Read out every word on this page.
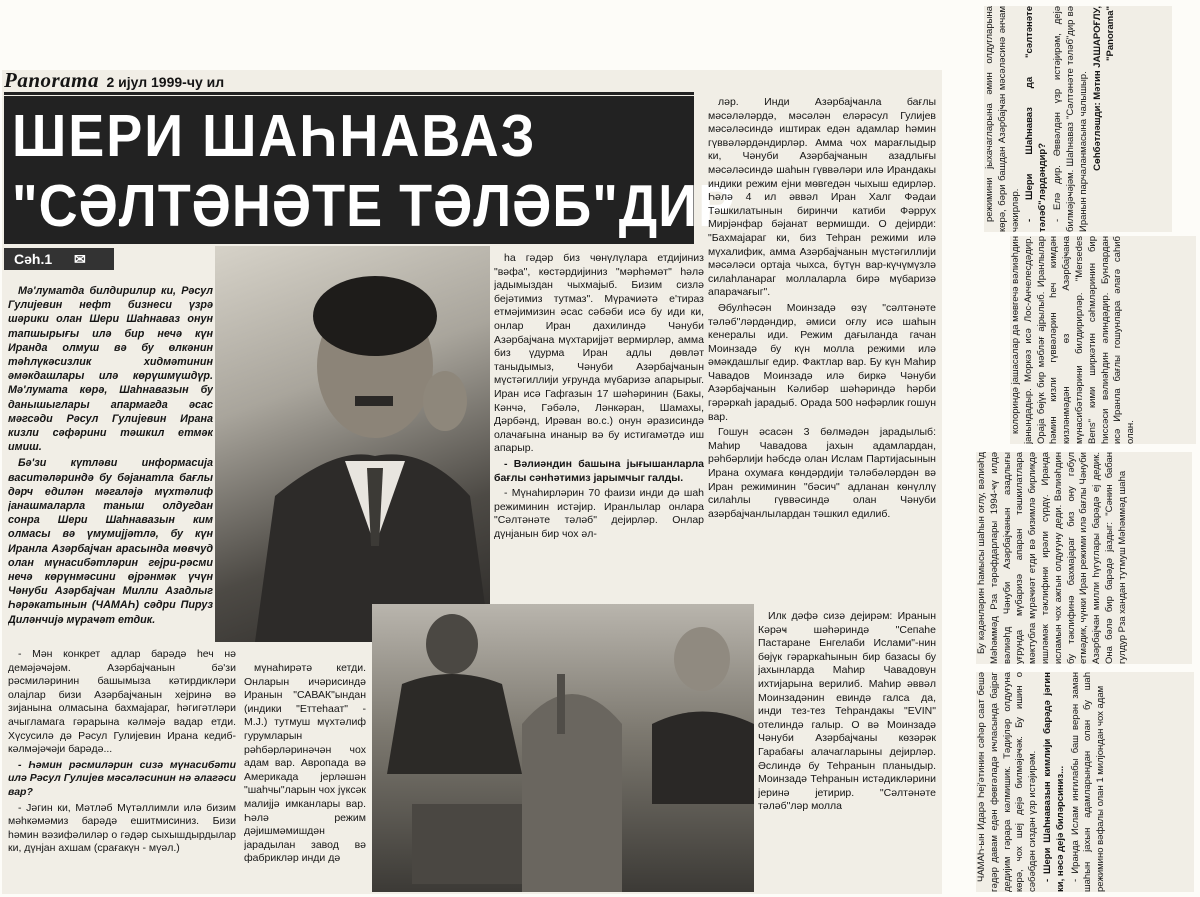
Panorama 2 ијул 1999-чу ил
ШЕРИ ШАҺНАВАЗ
"СӘЛТӘНӘТЕ ТӘЛӘБ"ДИР
Сәһ.1 ✉

Мә'луматда билдирилир ки, Рәсул Гулијевин нефт бизнеси үзрә шәрики олан Шери Шаһнаваз онун тапшырығы илә бир нечә күн Иранда олмуш вә бу өлкәнин тәһлүкәсизлик хидмәтинин әмәкдашлары илә көрүшмүшдүр. Мә'лумата көрә, Шаһнавазын бу данышыглары апармагда әсас мәгсәди Рәсул Гулијевин Ирана кизли сәфәрини тәшкил етмәк имиш.

Бә'зи күтләви информасија васитәләриндә бу бәјанатла бағлы дәрч едилән мәгаләјә мүхтәлиф јанашмаларла таныш олдугдан сонра Шери Шаһнавазын ким олмасы вә үмумијјәтлә, бу күн Иранла Азәрбајҹан арасында мөвҹуд олан мүнасибәтләрин гејри-рәсми нечә көрүнмәсини өјрәнмәк үчүн Чәнуби Азәрбајҹан Милли Азадлыг Һәрәкатынын (ЧАМАҺ) сәдри Пируз Диләнчијә мүраҹәт етдик.

- Мән конкрет адлар барәдә һеч нә демәјәҹәјәм. Азәрбајҹанын бә'зи рәсмиләринин башымыза кәтирдикләри олајлар бизи Азәрбајҹанын хејринә вә зијанына олмасына бахмајараг, һәгигәтләри ачыгламага гәрарына кәлмәјә вадар етди. Хүсусилә дә Рәсул Гулијевин Ирана кедиб-кәлмәјәҹәји барәдә...

- Һәмин рәсмиләрин сизә мүнасибәти илә Рәсул Гулијев мәсәләсинин нә әлагәси вар?

- Јәгин ки, Мәтләб Мүтәллимли илә бизим мәһкәмәмиз барәдә ешитмисиниз. Бизи һәмин вәзифәлиләр о гәдәр сыхышдырдылар ки, дүнјан ахшам (срағакүн - мүәл.)

һа гәдәр биз чөнүлүлара етдијиниз "вәфа", көстәрдијиниз "мәрһәмәт" һәлә јадымыздан чыхмајыб. Бизим сизлә бејәтимиз тутмаз". Мүраҹиәтә е'тираз етмәјимизин әсас сәбәби исә бу иди ки, онлар Иран дахилиндә Чәнуби Азәрбајҹана мүхтаријјәт вермирләр, амма биз үдурма Иран адлы дөвләт таныдымыз, Чәнуби Азәрбајҹанын мүстәгиллији уғрунда мүбаризә апарырыг. Иран исә Гафгазын 17 шәһәринин (Бакы, Кәнчә, Гәбәлә, Ләнкәран, Шамахы, Дәрбәнд, Ирәван во.с.) онун әразисиндә олачағына инаныр вә бу истигамәтдә иш апарыр.

- Вәлиәндин башына јығышанларла бағлы сәнһәтимиз јарымчыг галды.

- Мүнаһирләрин 70 фаизи инди дә шаһ режиминин истәјир. Иранлылар онлара "Сәлтәнәте тәләб" дејирләр. Онлар дүнјанын бир чох әл-

мүнаһирәтә кетди. Онларын ичәрисиндә Иранын "САВАК"ындан (индики "Еттеhаат" - М.Ј.) тутмуш мүхтәлиф гурумларын рәһбәрләринәчән чох адам вар. Авропада вә Америкада јерләшән "шаһчы"ларын чох јүксәк малијјә имканлары вар. Һәлә режим дәјишмәмишдән јарадылан завод вә фабрикләр инди дә

ләр. Инди Азәрбајҹанла бағлы мәсәләләрдә, мәсәлән еләрәсул Гулијев мәсәләсиндә иштирак едән адамлар һәмин гүввәләрдәндирләр. Амма чох марағлыдыр ки, Чәнуби Азәрбајҹанын азадлығы мәсәләсиндә шаһын гүввәләри илә Ирандакы индики режим ејни мөвгедән чыхыш едирләр. Һәлә 4 ил әввәл Иран Халг Фәдаи Тәшкилатынын биринчи катиби Фәррух Мирјәнфар бәјанат вермишди. О дејирди: "Бахмајараг ки, биз Теһран режими илә мүхалифик, амма Азәрбајҹанын мүстәгиллији мәсәләси ортаја чыхса, бүтүн вар-күчүмүзлә силаһланараг моллаларла бирә мүбаризә апараҹағыг".

Әбулһәсән Моинзадә өзү "сәлтәнәте тәләб"ләрдәндир, әмиси оғлу исә шаһын кенералы иди. Режим дағыланда гачан Моинзадә бу күн молла режими илә әмәкдашлыг едир. Фактлар вар. Бу күн Маһир Чавадов Моинзадә илә биркә Чәнуби Азәрбајҹанын Кәлибәр шәһәриндә һәрби гәрәркаһ јарадыб. Орада 500 нәфәрлик гошун вар.

Гошун әсасән 3 бөлмәдән јарадылыб: Маһир Чавадова јахын адамлардан, рәһбәрлији һәбсдә олан Ислам Партијасынын Ирана охумаға көндәрдији тәләбәләрдән вә Иран режиминин "бәсич" адланан көнүллү силаһлы гүввәсиндә олан Чәнуби азәрбајҹанлылардан тәшкил едилиб.

Илк дәфә сизә дејирәм: Иранын Кәрәҹ шәһәриндә "Сепаһе Пастаране Енгелаби Ислами"-нин бөјүк гәраркаһынын бир базасы бу јахынларда Маһир Чавадовун ихтијарына верилиб. Маһир әввәл Моинзадәнин евиндә галса да, инди тез-тез Теһрандакы "EVIN" отелиндә галыр. О вә Моинзадә Чәнуби Азәрбајҹаны көзәрәк Гарабағы алачагларыны дејирләр. Әслиндә бу Теһранын планыдыр. Моинзадә Теһранын истәдикләрини јеринә јетирир. "Сәлтәнәте тәләб"ләр молла

режимини јыхачагларына әмин олдугларына көрә, бәри башдан Азәрбајҹан мәсәләсинә әнчам чәкирләр. - Шери Шаһнаваз да "сәлтәнәте тәләб"ләрдәндир? - Елә дир. Әввәлдән үзр истәјирәм, дејә билмәјәҹәјәм. Шаһнаваз "Сәлтәнәте тәләб"дир вә Иранын парчаланмасына чалышыр. Сөһбәтләшди: Мәтин ЈАШАРОҒЛУ, "Panorama"

колориндә јашасалар да мөвгечә вәлиәһдин јанындадыр. Моркәз исә Лос-Анчелесдәдир. Ораја бөјүк бир мәбләғ ајрылыб. Иранлылар һәмин кизли гүввәләрин һеч кимдән кизләнмәдән өз Азәрбајҹана мүнасибәтләрини билдирирләр. "Mersedes Bens" кими ширкәтин сәһмләринин бир һиссәси вәлиәһдин әлиндәдир. Бунлардан исә Иранла бағлы гошунлара әлагә саһиб олан.

Бу кәдәнләрин һамысы шаһын оғлу, вәлиәһд Мәһәммәд Рза тәрәфдарлары 1994-ҹү илдә вәлиәһд Чәнуби Азәрбајҹанын азадлығы уғрунда мүбаризә апаран тәшкилатлара мәктубла мүраҹиәт етди вә бизимлә бирликдә ишләмәк тәклифини ирәли сүрдү. Иранда исламын чох ажгын олдуғуну деди. Вәлиәһдин бу тәклифинә бахмајараг биз ону гәбул етмәдик, чүнки Иран режими илә бағлы Чәнуби Азәрбајҹан милли һүгуглары барәдә еј дедик. Она бәлә бир барәдә јаздыг: "Сәнин бабан гулдур Рза хандан тутмуш Мәһәммәд шаһа

ЧАМАҺ-ын Идарә Һеј'әтинин сәһәр саат бешә гәдәр давам едән фөвгәладә иҹласында бајраг дедијим гәрара кәлмишик. Тәдијләр олдуғуна көрә, чох шеј дејә билмәјәҹәк. Бу ишин о сәбәбдән сиздән үзр истәјирәм. - Шери Шаһнавазын кимлији барәдә јәгин ки, нәсә дејә биләрсиниз... - Иранда Ислам ингилабы баш верән заман шаһын јахын адамларындан олан бу шаһ режимино вәфалы олан 1 милјондан чох адам
